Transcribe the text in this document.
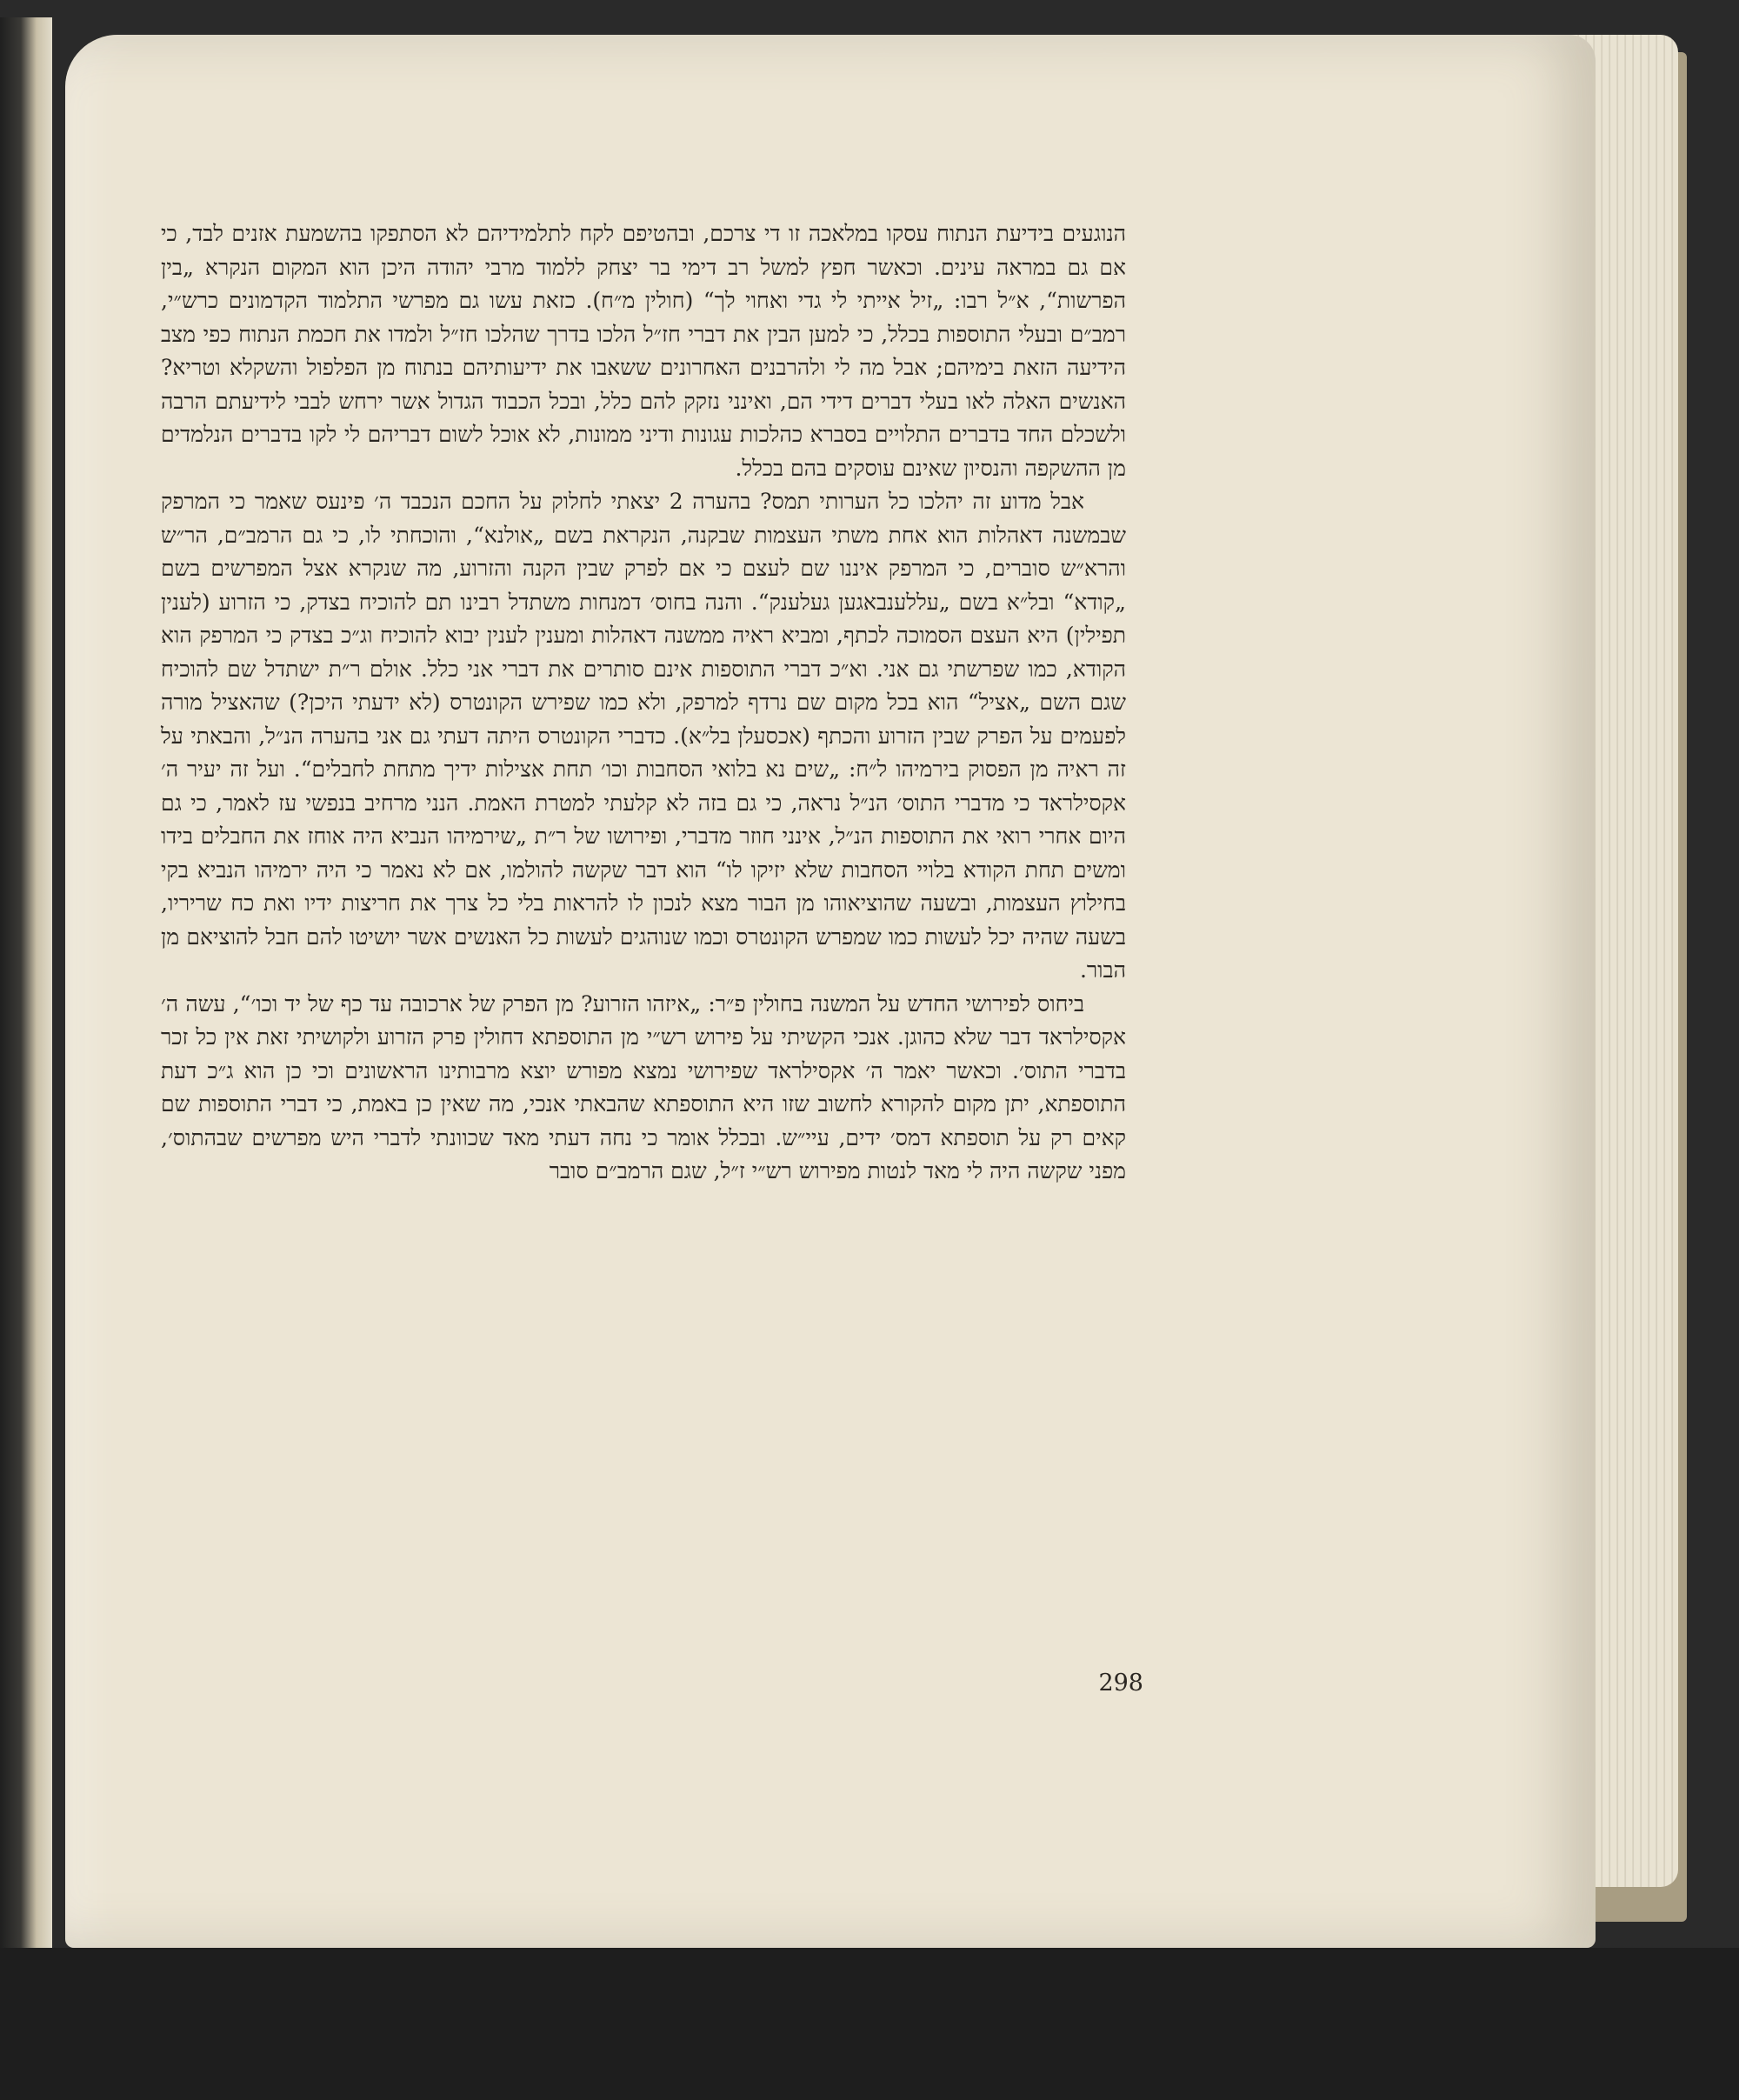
הנוגעים בידיעת הנתוח עסקו במלאכה זו די צרכם, ובהטיפם לקח לתלמידיהם לא הסתפקו בהשמעת אזנים לבד, כי אם גם במראה עינים. וכאשר חפץ למשל רב דימי בר יצחק ללמוד מרבי יהודה היכן הוא המקום הנקרא „בין הפרשות“, א״ל רבו: „זיל אייתי לי גדי ואחוי לך“ (חולין מ״ח). כזאת עשו גם מפרשי התלמוד הקדמונים כרש״י, רמב״ם ובעלי התוספות בכלל, כי למען הבין את דברי חז״ל הלכו בדרך שהלכו חז״ל ולמדו את חכמת הנתוח כפי מצב הידיעה הזאת בימיהם; אבל מה לי ולהרבנים האחרונים ששאבו את ידיעותיהם בנתוח מן הפלפול והשקלא וטריא? האנשים האלה לאו בעלי דברים דידי הם, ואינני נזקק להם כלל, ובכל הכבוד הגדול אשר ירחש לבבי לידיעתם הרבה ולשכלם החד בדברים התלויים בסברא כהלכות עגונות ודיני ממונות, לא אוכל לשום דבריהם לי לקו בדברים הנלמדים מן ההשקפה והנסיון שאינם עוסקים בהם בכלל.

אבל מדוע זה יהלכו כל הערותי תמס? בהערה 2 יצאתי לחלוק על החכם הנכבד ה׳ פינעס שאמר כי המרפק שבמשנה דאהלות הוא אחת משתי העצמות שבקנה, הנקראת בשם „אולנא“, והוכחתי לו, כי גם הרמב״ם, הר״ש והרא״ש סוברים, כי המרפק איננו שם לעצם כי אם לפרק שבין הקנה והזרוע, מה שנקרא אצל המפרשים בשם „קודא“ ובל״א בשם „עללענבאגען געלענק“. והנה בחוס׳ דמנחות משתדל רבינו תם להוכיח בצדק, כי הזרוע (לענין תפילין) היא העצם הסמוכה לכתף, ומביא ראיה ממשנה דאהלות ומענין לענין יבוא להוכיח וג״כ בצדק כי המרפק הוא הקודא, כמו שפרשתי גם אני. וא״כ דברי התוספות אינם סותרים את דברי אני כלל. אולם ר״ת ישתדל שם להוכיח שגם השם „אציל“ הוא בכל מקום שם נרדף למרפק, ולא כמו שפירש הקונטרס (לא ידעתי היכן?) שהאציל מורה לפעמים על הפרק שבין הזרוע והכתף (אכסעלן בל״א). כדברי הקונטרס היתה דעתי גם אני בהערה הנ״ל, והבאתי על זה ראיה מן הפסוק בירמיהו ל״ח: „שים נא בלואי הסחבות וכו׳ תחת אצילות ידיך מתחת לחבלים“. ועל זה יעיר ה׳ אקסילראד כי מדברי התוס׳ הנ״ל נראה, כי גם בזה לא קלעתי למטרת האמת. הנני מרחיב בנפשי עז לאמר, כי גם היום אחרי רואי את התוספות הנ״ל, אינני חוזר מדברי, ופירושו של ר״ת „שירמיהו הנביא היה אוחז את החבלים בידו ומשים תחת הקודא בלויי הסחבות שלא יזיקו לו“ הוא דבר שקשה להולמו, אם לא נאמר כי היה ירמיהו הנביא בקי בחילוץ העצמות, ובשעה שהוציאוהו מן הבור מצא לנכון לו להראות בלי כל צרך את חריצות ידיו ואת כח שריריו, בשעה שהיה יכל לעשות כמו שמפרש הקונטרס וכמו שנוהגים לעשות כל האנשים אשר יושיטו להם חבל להוציאם מן הבור.

ביחוס לפירושי החדש על המשנה בחולין פ״ר: „איזהו הזרוע? מן הפרק של ארכובה עד כף של יד וכו׳“, עשה ה׳ אקסילראד דבר שלא כהוגן. אנכי הקשיתי על פירוש רש״י מן התוספתא דחולין פרק הזרוע ולקושיתי זאת אין כל זכר בדברי התוס׳. וכאשר יאמר ה׳ אקסילראד שפירושי נמצא מפורש יוצא מרבותינו הראשונים וכי כן הוא ג״כ דעת התוספתא, יתן מקום להקורא לחשוב שזו היא התוספתא שהבאתי אנכי, מה שאין כן באמת, כי דברי התוספות שם קאים רק על תוספתא דמס׳ ידים, עיי״ש. ובכלל אומר כי נחה דעתי מאד שכוונתי לדברי היש מפרשים שבהתוס׳, מפני שקשה היה לי מאד לנטות מפירוש רש״י ז״ל, שגם הרמב״ם סובר

298
